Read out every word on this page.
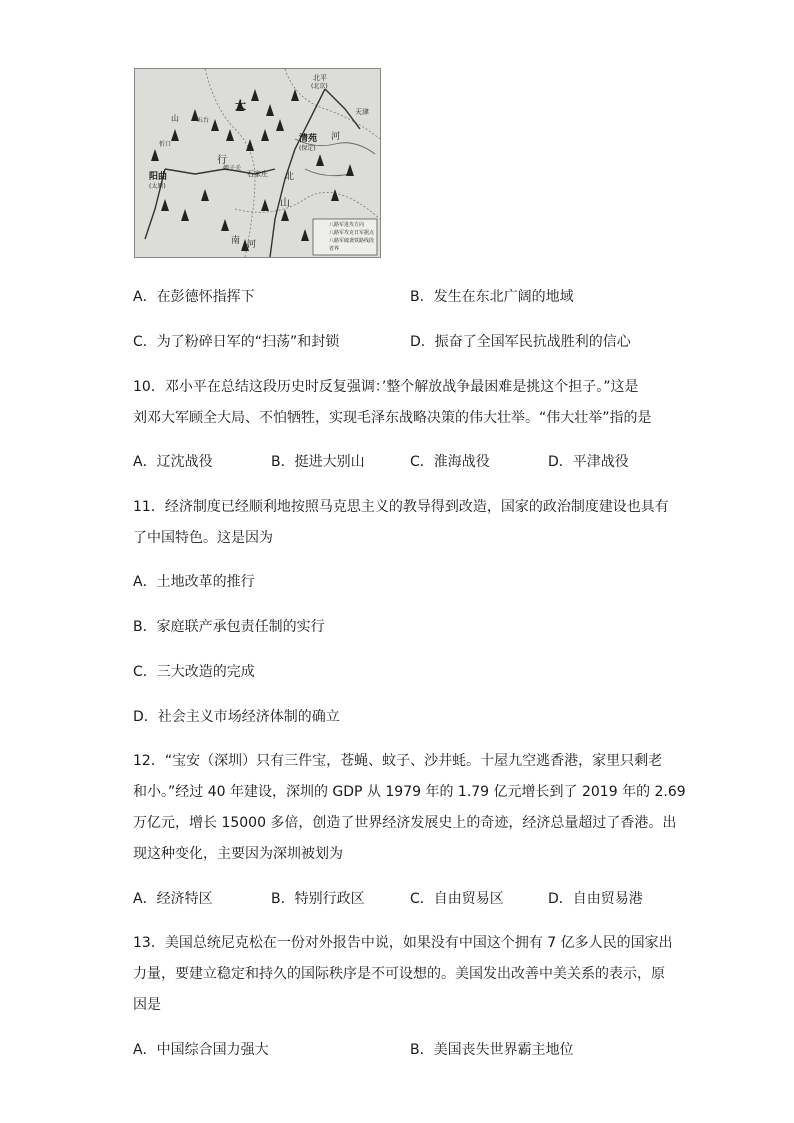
大
北平
(北京)
天津
清苑
(保定)
石家庄
阳曲
(太原)
娘子关
行
山
山
南
河
河
北
五台
忻口
八路军进攻方向
八路军攻克日军据点
八路军破袭铁路线段
省界
A．在彭德怀指挥下	B．发生在东北广阔的地域
C．为了粉碎日军的“扫荡”和封锁	D．振奋了全国军民抗战胜利的信心
10．邓小平在总结这段历史时反复强调：’整个解放战争最困难是挑这个担子。”这是
刘邓大军顾全大局、不怕牺牲，实现毛泽东战略决策的伟大壮举。“伟大壮举”指的是
A．辽沈战役	B．挺进大别山	C．淮海战役	D．平津战役
11．经济制度已经顺利地按照马克思主义的教导得到改造，国家的政治制度建设也具有
了中国特色。这是因为
A．土地改革的推行
B．家庭联产承包责任制的实行
C．三大改造的完成
D．社会主义市场经济体制的确立
12．“宝安（深圳）只有三件宝，苍蝇、蚊子、沙井蚝。十屋九空逃香港，家里只剩老
和小。”经过 40 年建设，深圳的 GDP 从 1979 年的 1.79 亿元增长到了 2019 年的 2.69
万亿元，增长 15000 多倍，创造了世界经济发展史上的奇迹，经济总量超过了香港。出
现这种变化，主要因为深圳被划为
A．经济特区	B．特别行政区	C．自由贸易区	D．自由贸易港
13．美国总统尼克松在一份对外报告中说，如果没有中国这个拥有 7 亿多人民的国家出
力量，要建立稳定和持久的国际秩序是不可设想的。美国发出改善中美关系的表示，原
因是
A．中国综合国力强大	B．美国丧失世界霸主地位
